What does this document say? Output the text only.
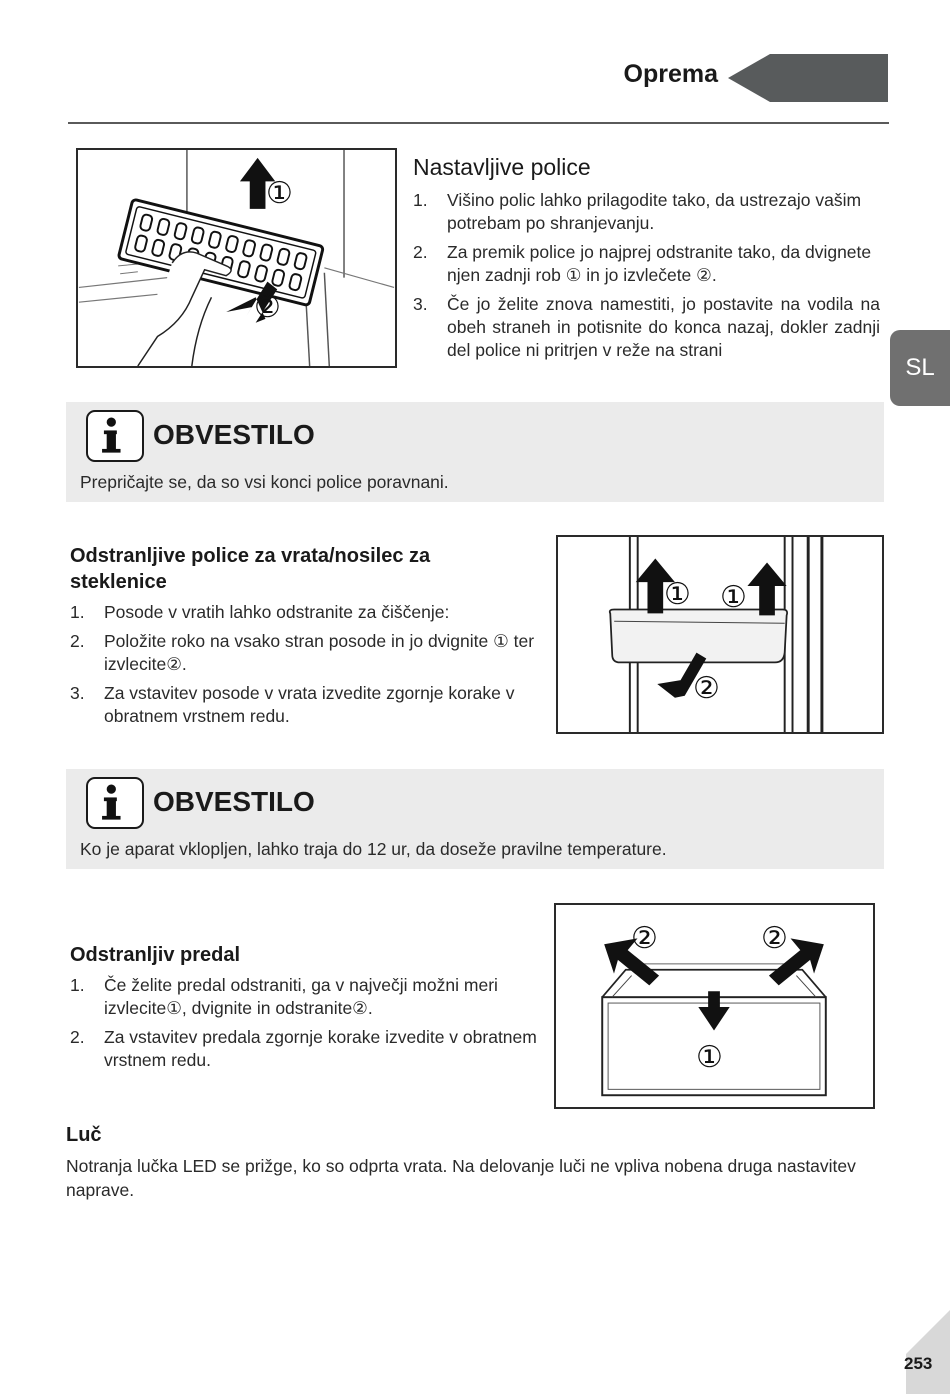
Oprema
SL
①
②
Nastavljive police
1. Višino polic lahko prilagodite tako, da ustrezajo vašim potrebam po shranjevanju.
2. Za premik police jo najprej odstranite tako, da dvignete njen zadnji rob ① in jo izvlečete ②.
3. Če jo želite znova namestiti, jo postavite na vodila na obeh straneh in potisnite do konca nazaj, dokler zadnji del police ni pritrjen v reže na strani
OBVESTILO
Prepričajte se, da so vsi konci police poravnani.
Odstranljive police za vrata/nosilec za steklenice
1. Posode v vratih lahko odstranite za čiščenje:
2. Položite roko na vsako stran posode in jo dvignite ① ter izvlecite②.
3. Za vstavitev posode v vrata izvedite zgornje korake v obratnem vrstnem redu.
① ①
②
OBVESTILO
Ko je aparat vklopljen, lahko traja do 12 ur, da doseže pravilne temperature.
Odstranljiv predal
1. Če želite predal odstraniti, ga v največji možni meri izvlecite①, dvignite in odstranite②.
2. Za vstavitev predala zgornje korake izvedite v obratnem vrstnem redu.
②	②
①
Luč
Notranja lučka LED se prižge, ko so odprta vrata. Na delovanje luči ne vpliva nobena druga nastavitev naprave.
253
